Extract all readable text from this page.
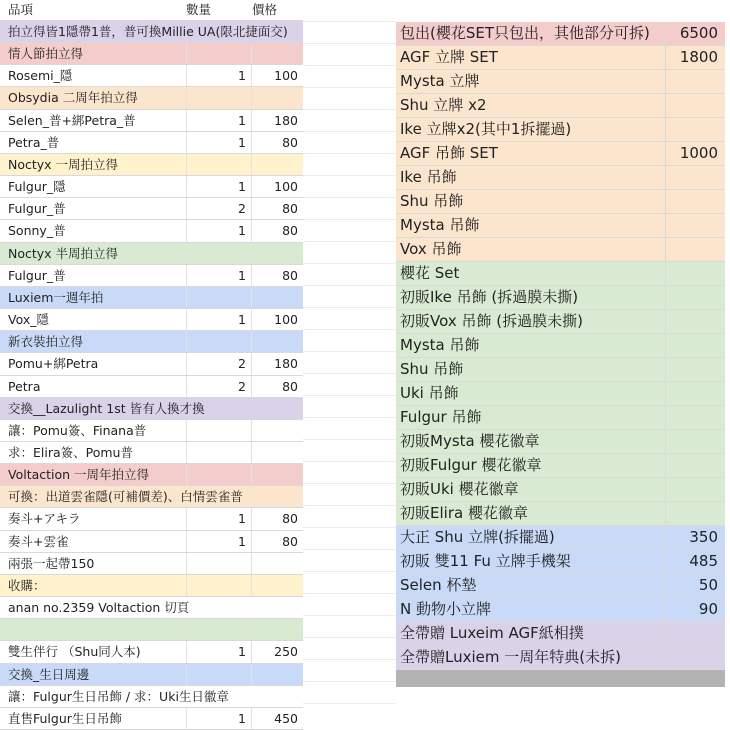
品項	數量	價格
拍立得皆1隱帶1普，普可換Millie UA(限北捷面交)
情人節拍立得
Rosemi_隱	1	100
Obsydia 二周年拍立得
Selen_普+綁Petra_普	1	180
Petra_普	1	80
Noctyx 一周拍立得
Fulgur_隱	1	100
Fulgur_普	2	80
Sonny_普	1	80
Noctyx 半周拍立得
Fulgur_普	1	80
Luxiem一週年拍
Vox_隱	1	100
新衣裝拍立得
Pomu+綁Petra	2	180
Petra	2	80
交換__Lazulight 1st 皆有人換才換
讓：Pomu簽、Finana普
求：Elira簽、Pomu普
Voltaction 一周年拍立得
可換：出道雲雀隱(可補價差)、白情雲雀普
奏斗+アキラ	1	80
奏斗+雲雀	1	80
兩張一起帶150
收購：
anan no.2359 Voltaction 切頁
雙生伴行 （Shu同人本)	1	250
交換_生日周邊
讓：Fulgur生日吊飾 / 求：Uki生日徽章
直售Fulgur生日吊飾	1	450
包出(櫻花SET只包出，其他部分可拆)	6500
AGF 立牌 SET	1800
Mysta 立牌
Shu 立牌 x2
Ike 立牌x2(其中1拆擺過)
AGF 吊飾 SET	1000
Ike 吊飾
Shu 吊飾
Mysta 吊飾
Vox 吊飾
櫻花 Set
初販Ike 吊飾 (拆過膜未撕)
初販Vox 吊飾 (拆過膜未撕)
Mysta 吊飾
Shu 吊飾
Uki 吊飾
Fulgur 吊飾
初販Mysta 櫻花徽章
初販Fulgur 櫻花徽章
初販Uki 櫻花徽章
初販Elira 櫻花徽章
大正 Shu 立牌(拆擺過)	350
初販 雙11 Fu 立牌手機架	485
Selen 杯墊	50
N 動物小立牌	90
全帶贈 Luxeim AGF紙相撲
全帶贈Luxiem 一周年特典(未拆)
